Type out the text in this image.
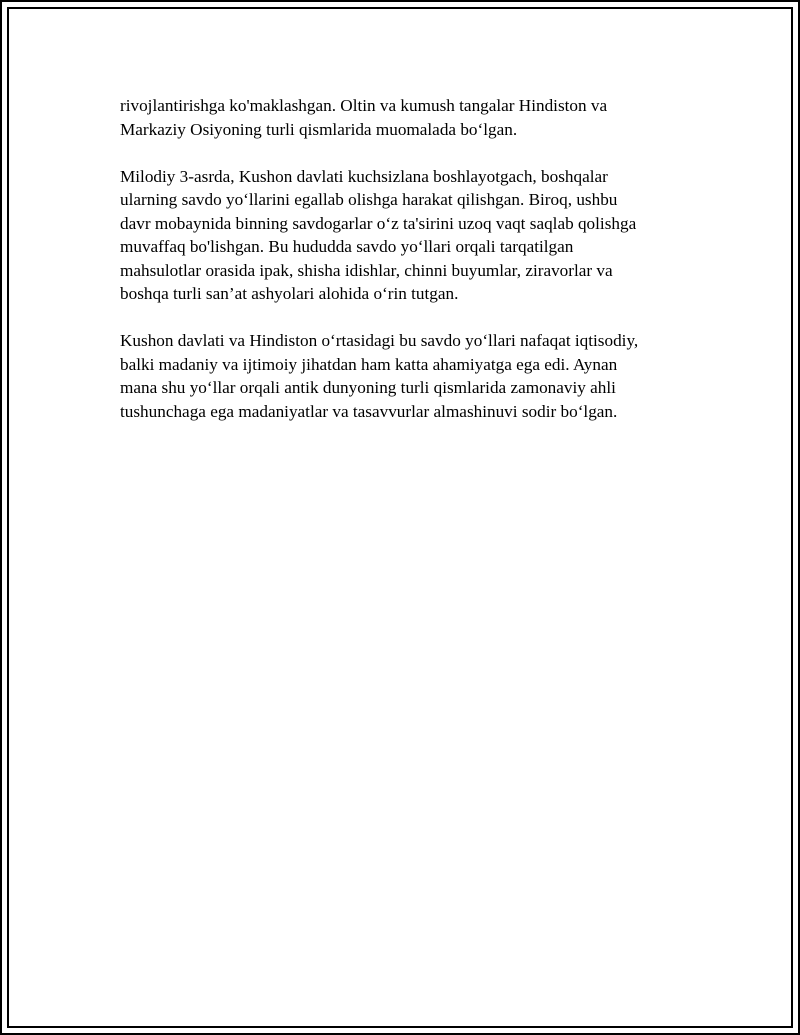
rivojlantirishga ko'maklashgan. Oltin va kumush tangalar Hindiston va
Markaziy Osiyoning turli qismlarida muomalada bo‘lgan.

Milodiy 3-asrda, Kushon davlati kuchsizlana boshlayotgach, boshqalar
ularning savdo yo‘llarini egallab olishga harakat qilishgan. Biroq, ushbu
davr mobaynida binning savdogarlar o‘z ta'sirini uzoq vaqt saqlab qolishga
muvaffaq bo'lishgan. Bu hududda savdo yo‘llari orqali tarqatilgan
mahsulotlar orasida ipak, shisha idishlar, chinni buyumlar, ziravorlar va
boshqa turli san’at ashyolari alohida o‘rin tutgan.

Kushon davlati va Hindiston o‘rtasidagi bu savdo yo‘llari nafaqat iqtisodiy,
balki madaniy va ijtimoiy jihatdan ham katta ahamiyatga ega edi. Aynan
mana shu yo‘llar orqali antik dunyoning turli qismlarida zamonaviy ahli
tushunchaga ega madaniyatlar va tasavvurlar almashinuvi sodir bo‘lgan.
